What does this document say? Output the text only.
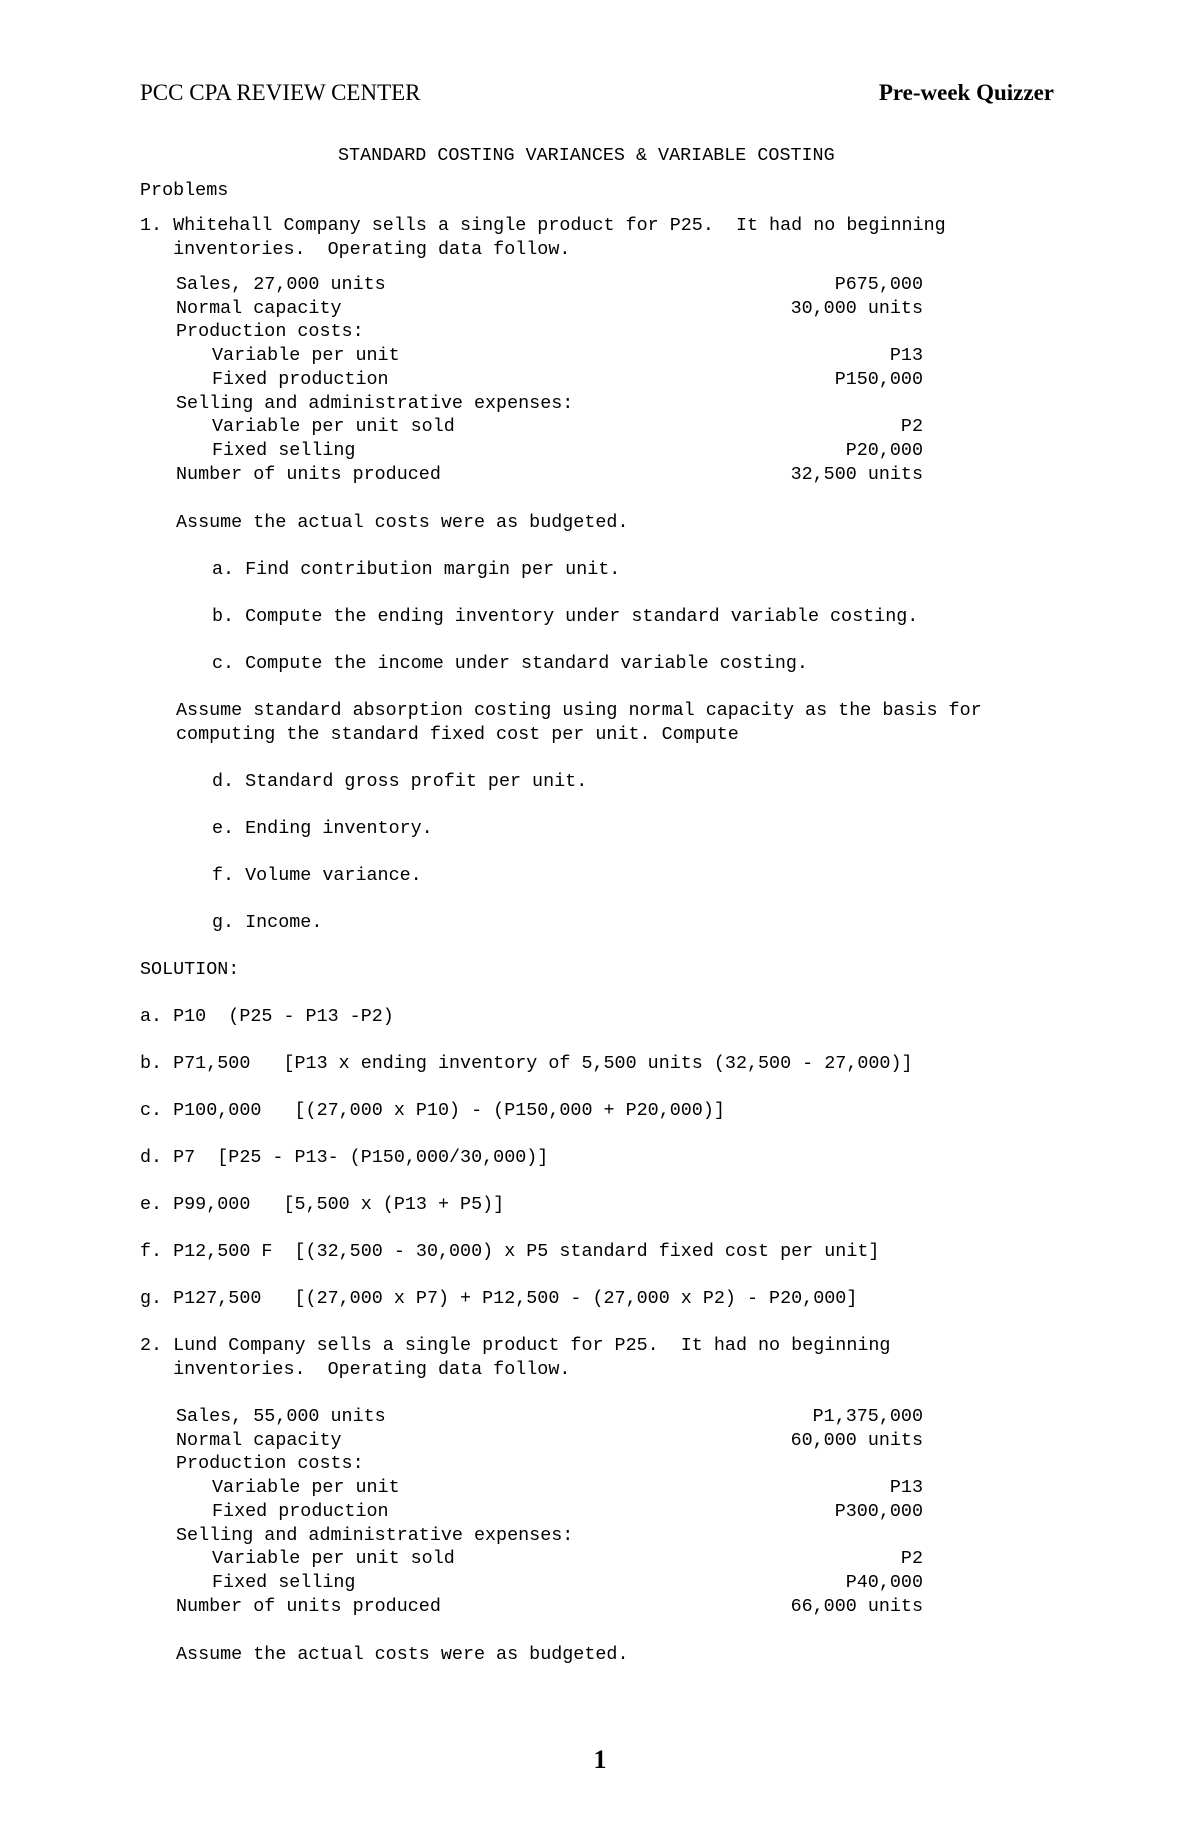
PCC CPA REVIEW CENTER	Pre-week Quizzer
STANDARD COSTING VARIANCES & VARIABLE COSTING
Problems
1. Whitehall Company sells a single product for P25.  It had no beginning
inventories.  Operating data follow.
Sales, 27,000 units	P675,000
Normal capacity	30,000 units
Production costs:
Variable per unit	P13
Fixed production	P150,000
Selling and administrative expenses:
Variable per unit sold	P2
Fixed selling	P20,000
Number of units produced	32,500 units
Assume the actual costs were as budgeted.
a. Find contribution margin per unit.
b. Compute the ending inventory under standard variable costing.
c. Compute the income under standard variable costing.
Assume standard absorption costing using normal capacity as the basis for
computing the standard fixed cost per unit. Compute
d. Standard gross profit per unit.
e. Ending inventory.
f. Volume variance.
g. Income.
SOLUTION:
a. P10  (P25 - P13 -P2)
b. P71,500   [P13 x ending inventory of 5,500 units (32,500 - 27,000)]
c. P100,000   [(27,000 x P10) - (P150,000 + P20,000)]
d. P7  [P25 - P13- (P150,000/30,000)]
e. P99,000   [5,500 x (P13 + P5)]
f. P12,500 F  [(32,500 - 30,000) x P5 standard fixed cost per unit]
g. P127,500   [(27,000 x P7) + P12,500 - (27,000 x P2) - P20,000]
2. Lund Company sells a single product for P25.  It had no beginning
inventories.  Operating data follow.
Sales, 55,000 units	P1,375,000
Normal capacity	60,000 units
Production costs:
Variable per unit	P13
Fixed production	P300,000
Selling and administrative expenses:
Variable per unit sold	P2
Fixed selling	P40,000
Number of units produced	66,000 units
Assume the actual costs were as budgeted.
1
